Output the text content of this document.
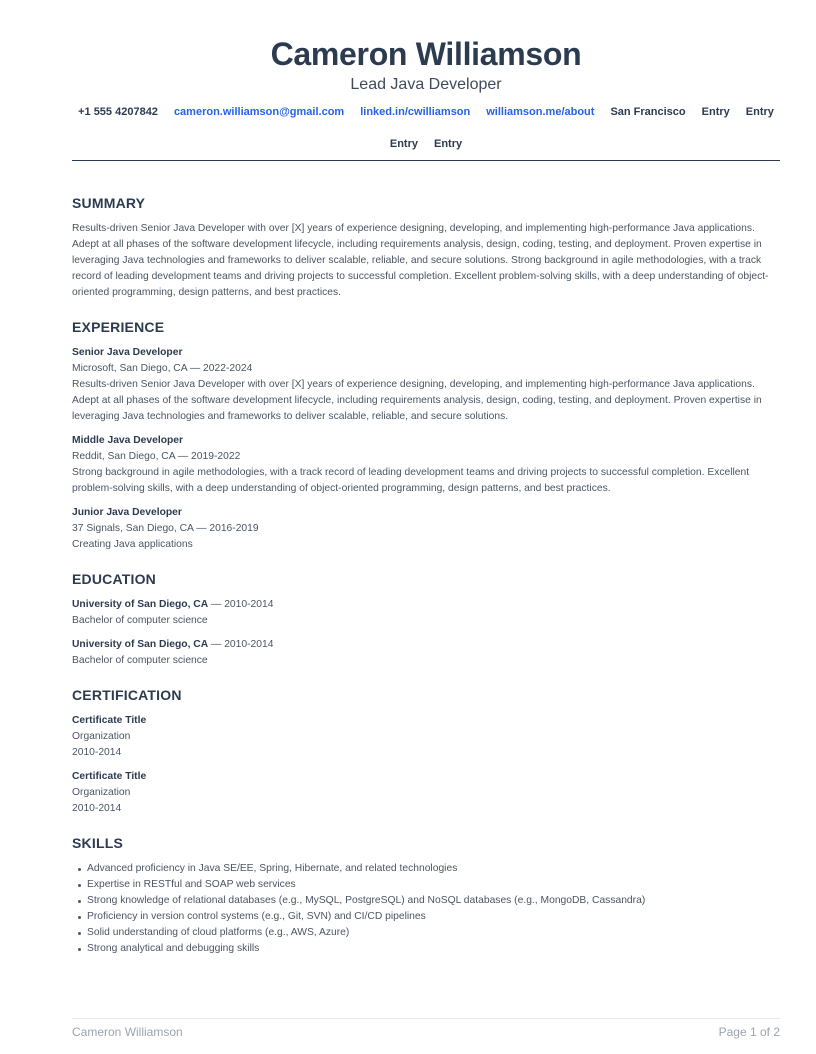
Cameron Williamson
Lead Java Developer
+1 555 4207842 cameron.williamson@gmail.com linked.in/cwilliamson williamson.me/about San Francisco Entry Entry
Entry Entry
SUMMARY
Results-driven Senior Java Developer with over [X] years of experience designing, developing, and implementing high-performance Java applications. Adept at all phases of the software development lifecycle, including requirements analysis, design, coding, testing, and deployment. Proven expertise in leveraging Java technologies and frameworks to deliver scalable, reliable, and secure solutions. Strong background in agile methodologies, with a track record of leading development teams and driving projects to successful completion. Excellent problem-solving skills, with a deep understanding of object-oriented programming, design patterns, and best practices.
EXPERIENCE
Senior Java Developer
Microsoft, San Diego, CA — 2022-2024
Results-driven Senior Java Developer with over [X] years of experience designing, developing, and implementing high-performance Java applications. Adept at all phases of the software development lifecycle, including requirements analysis, design, coding, testing, and deployment. Proven expertise in leveraging Java technologies and frameworks to deliver scalable, reliable, and secure solutions.
Middle Java Developer
Reddit, San Diego, CA — 2019-2022
Strong background in agile methodologies, with a track record of leading development teams and driving projects to successful completion. Excellent problem-solving skills, with a deep understanding of object-oriented programming, design patterns, and best practices.
Junior Java Developer
37 Signals, San Diego, CA — 2016-2019
Creating Java applications
EDUCATION
University of San Diego, CA — 2010-2014
Bachelor of computer science
University of San Diego, CA — 2010-2014
Bachelor of computer science
CERTIFICATION
Certificate Title
Organization
2010-2014
Certificate Title
Organization
2010-2014
SKILLS
Advanced proficiency in Java SE/EE, Spring, Hibernate, and related technologies
Expertise in RESTful and SOAP web services
Strong knowledge of relational databases (e.g., MySQL, PostgreSQL) and NoSQL databases (e.g., MongoDB, Cassandra)
Proficiency in version control systems (e.g., Git, SVN) and CI/CD pipelines
Solid understanding of cloud platforms (e.g., AWS, Azure)
Strong analytical and debugging skills
Cameron Williamson	Page 1 of 2
